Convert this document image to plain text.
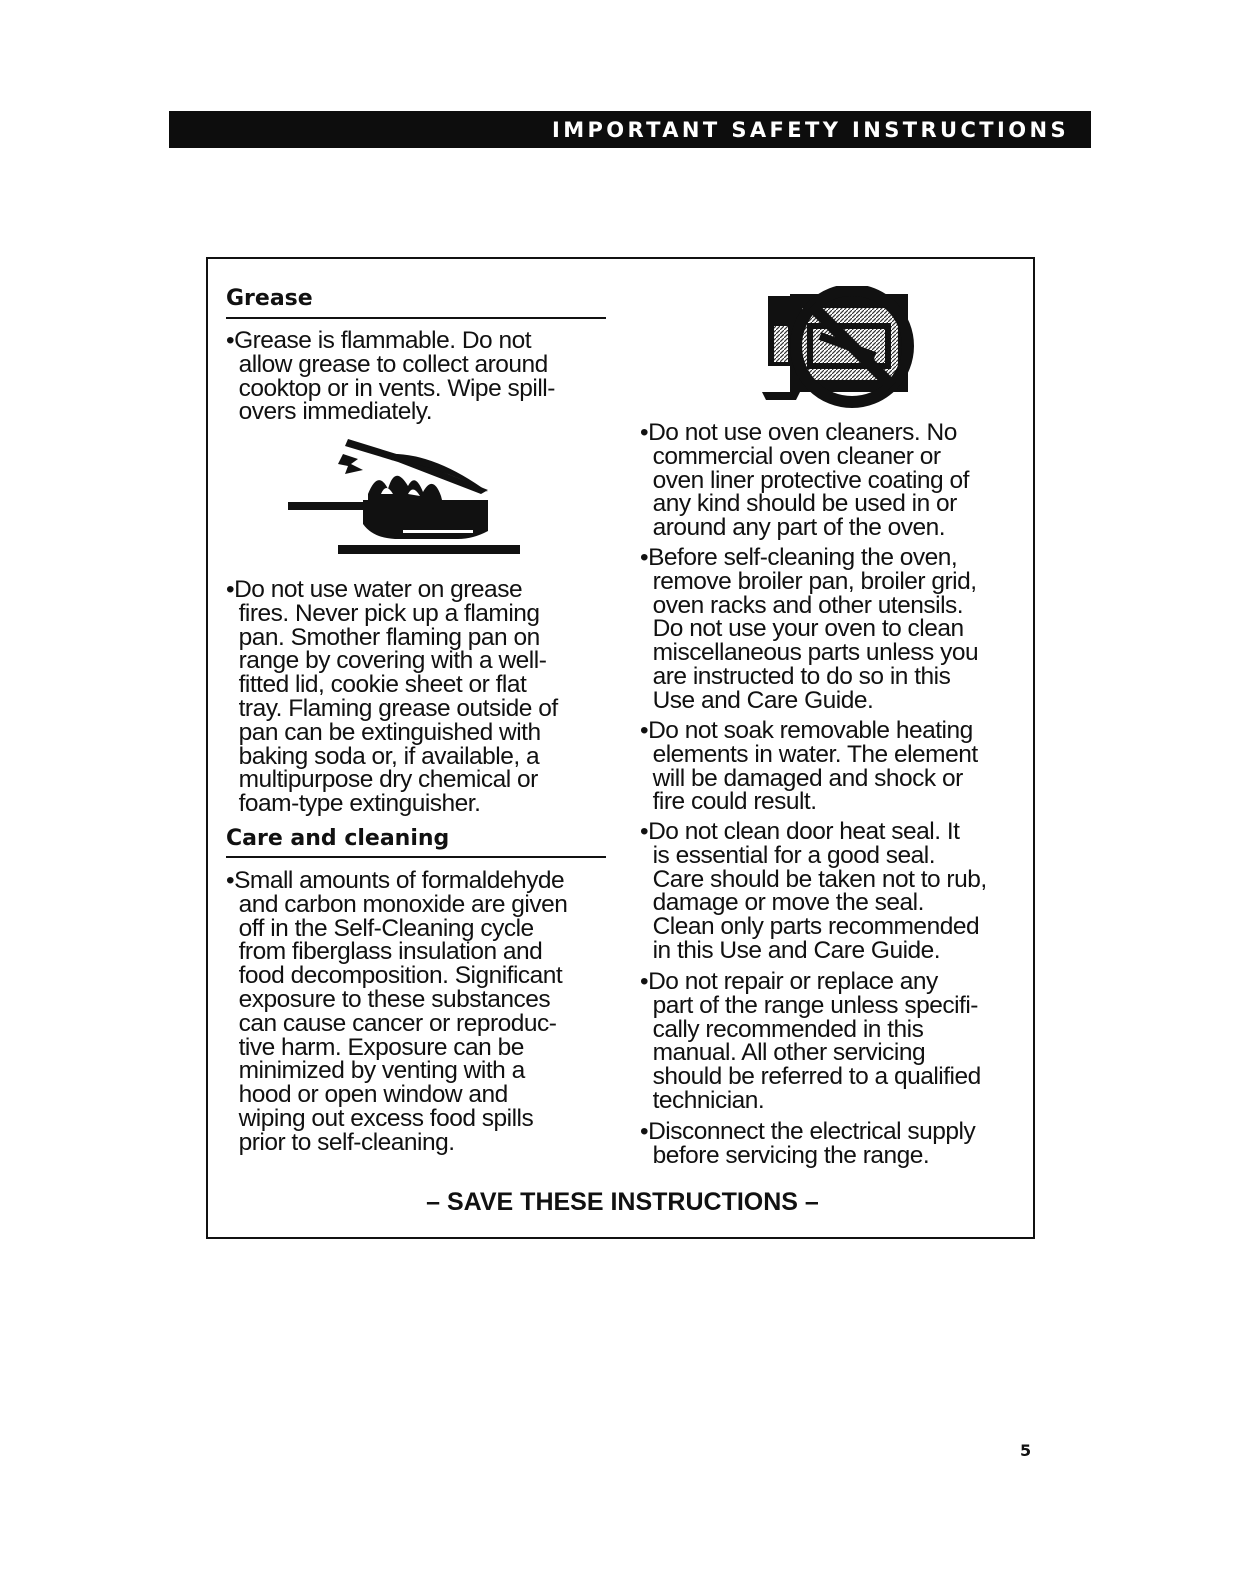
IMPORTANT SAFETY INSTRUCTIONS
Grease
•Grease is flammable. Do not
allow grease to collect around
cooktop or in vents. Wipe spill-
overs immediately.
•Do not use water on grease
fires. Never pick up a flaming
pan. Smother flaming pan on
range by covering with a well-
fitted lid, cookie sheet or flat
tray. Flaming grease outside of
pan can be extinguished with
baking soda or, if available, a
multipurpose dry chemical or
foam-type extinguisher.
Care and cleaning
•Small amounts of formaldehyde
and carbon monoxide are given
off in the Self-Cleaning cycle
from fiberglass insulation and
food decomposition. Significant
exposure to these substances
can cause cancer or reproduc-
tive harm. Exposure can be
minimized by venting with a
hood or open window and
wiping out excess food spills
prior to self-cleaning.
•Do not use oven cleaners. No
commercial oven cleaner or
oven liner protective coating of
any kind should be used in or
around any part of the oven.
•Before self-cleaning the oven,
remove broiler pan, broiler grid,
oven racks and other utensils.
Do not use your oven to clean
miscellaneous parts unless you
are instructed to do so in this
Use and Care Guide.
•Do not soak removable heating
elements in water. The element
will be damaged and shock or
fire could result.
•Do not clean door heat seal. It
is essential for a good seal.
Care should be taken not to rub,
damage or move the seal.
Clean only parts recommended
in this Use and Care Guide.
•Do not repair or replace any
part of the range unless specifi-
cally recommended in this
manual. All other servicing
should be referred to a qualified
technician.
•Disconnect the electrical supply
before servicing the range.
– SAVE THESE INSTRUCTIONS –
5
